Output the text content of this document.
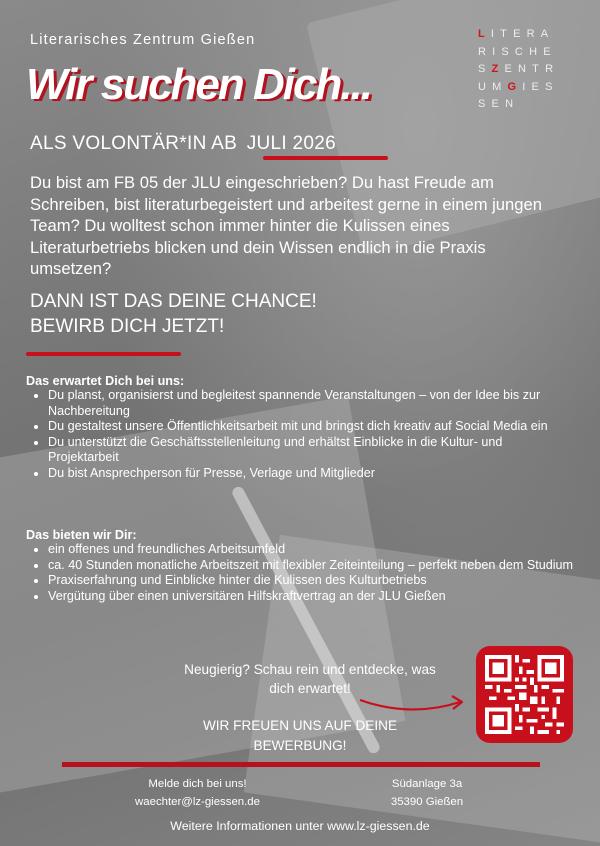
Literarisches Zentrum Gießen
Wir suchen Dich...
LITERA
RISCHE
SZENTR
UMGIES
SEN
ALS VOLONTÄR*IN AB JULI 2026
Du bist am FB 05 der JLU eingeschrieben? Du hast Freude am Schreiben, bist literaturbegeistert und arbeitest gerne in einem jungen Team? Du wolltest schon immer hinter die Kulissen eines Literaturbetriebs blicken und dein Wissen endlich in die Praxis umsetzen?
DANN IST DAS DEINE CHANCE!
BEWIRB DICH JETZT!
Das erwartet Dich bei uns:
• Du planst, organisierst und begleitest spannende Veranstaltungen – von der Idee bis zur Nachbereitung
• Du gestaltest unsere Öffentlichkeitsarbeit mit und bringst dich kreativ auf Social Media ein
• Du unterstützt die Geschäftsstellenleitung und erhältst Einblicke in die Kultur- und Projektarbeit
• Du bist Ansprechperson für Presse, Verlage und Mitglieder
Das bieten wir Dir:
• ein offenes und freundliches Arbeitsumfeld
• ca. 40 Stunden monatliche Arbeitszeit mit flexibler Zeiteinteilung – perfekt neben dem Studium
• Praxiserfahrung und Einblicke hinter die Kulissen des Kulturbetriebs
• Vergütung über einen universitären Hilfskraftvertrag an der JLU Gießen
Neugierig? Schau rein und entdecke, was
dich erwartet!
WIR FREUEN UNS AUF DEINE
BEWERBUNG!
Melde dich bei uns!
waechter@lz-giessen.de
Südanlage 3a
35390 Gießen
Weitere Informationen unter www.lz-giessen.de
